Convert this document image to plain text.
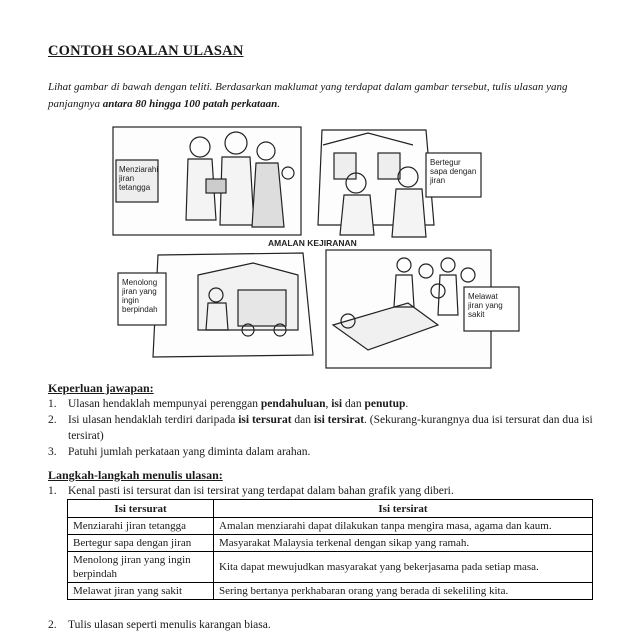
CONTOH SOALAN ULASAN
Lihat gambar di bawah dengan teliti. Berdasarkan maklumat yang terdapat dalam gambar tersebut, tulis ulasan yang panjangnya antara 80 hingga 100 patah perkataan.
Menziarahi jiran tetangga
Bertegur sapa dengan jiran
AMALAN KEJIRANAN
Menolong jiran yang ingin berpindah
Melawat jiran yang sakit
Keperluan jawapan:
1. Ulasan hendaklah mempunyai perenggan pendahuluan, isi dan penutup.
2. Isi ulasan hendaklah terdiri daripada isi tersurat dan isi tersirat. (Sekurang-kurangnya dua isi tersurat dan dua isi tersirat)
3. Patuhi jumlah perkataan yang diminta dalam arahan.
Langkah-langkah menulis ulasan:
1. Kenal pasti isi tersurat dan isi tersirat yang terdapat dalam bahan grafik yang diberi.
Isi tersurat	Isi tersirat
Menziarahi jiran tetangga	Amalan menziarahi dapat dilakukan tanpa mengira masa, agama dan kaum.
Bertegur sapa dengan jiran	Masyarakat Malaysia terkenal dengan sikap yang ramah.
Menolong jiran yang ingin berpindah	Kita dapat mewujudkan masyarakat yang bekerjasama pada setiap masa.
Melawat jiran yang sakit	Sering bertanya perkhabaran orang yang berada di sekeliling kita.
2. Tulis ulasan seperti menulis karangan biasa.
